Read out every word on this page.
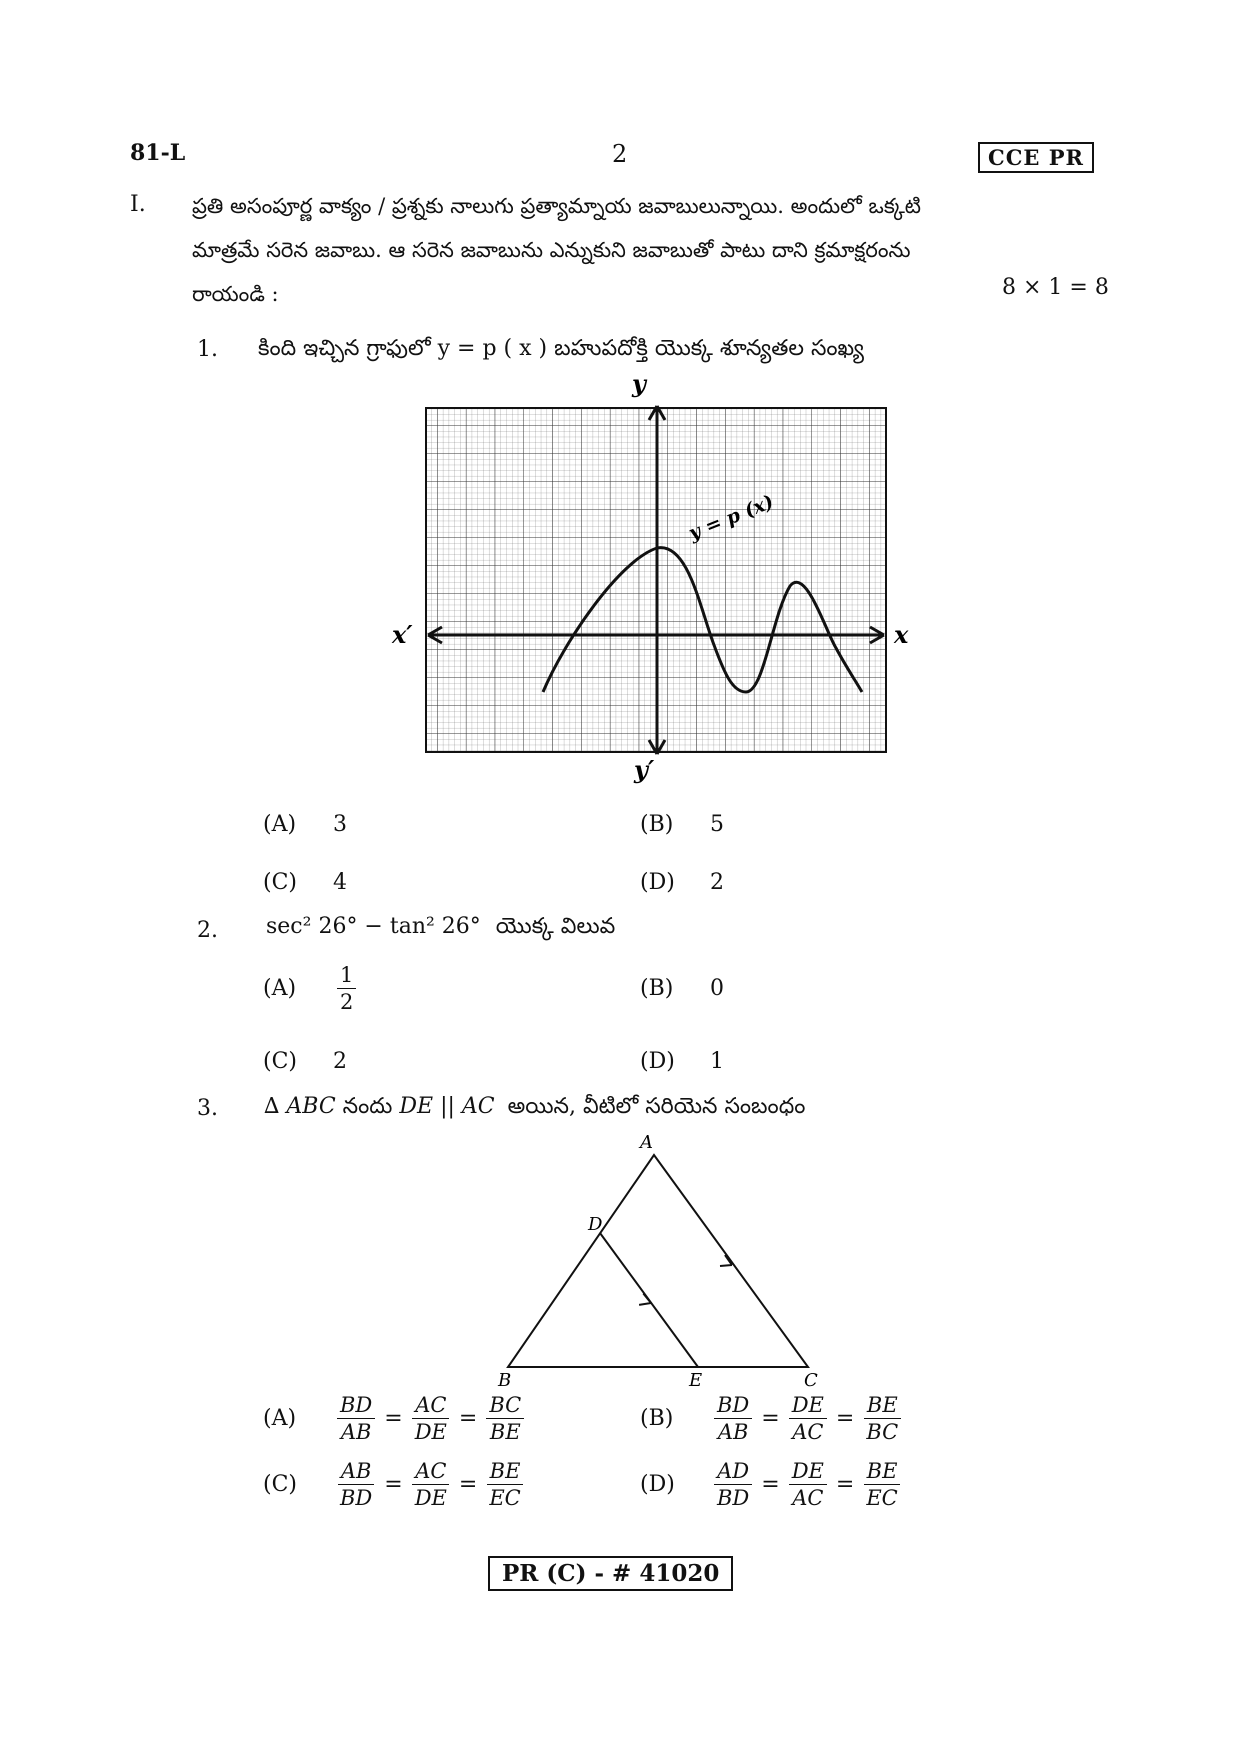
81-L	2	CCE PR
I. ప్రతి అసంపూర్ణ వాక్యం / ప్రశ్నకు నాలుగు ప్రత్యామ్నాయ జవాబులున్నాయి. అందులో ఒక్కటి
మాత్రమే సరెన జవాబు. ఆ సరెన జవాబును ఎన్నుకుని జవాబుతో పాటు దాని క్రమాక్షరంను
రాయండి :	8 × 1 = 8
1. కింది ఇచ్చిన గ్రాఫులో y = p ( x ) బహుపదోక్తి యొక్క శూన్యతల సంఖ్య
y
y′
x
x′
y = p (x)
(A) 3	(B) 5
(C) 4	(D) 2
2. sec² 26° − tan² 26° యొక్క విలువ
(A)	$\frac{1}{2}$	(B) 0
(C) 2	(D) 1
3. ∆ ABC నందు DE || AC అయిన, వీటిలో సరియెన సంబంధం
A
D
B	E	C
(A)	$\frac{BD}{AB} = \frac{AC}{DE} = \frac{BC}{BE}$	(B)	$\frac{BD}{AB} = \frac{DE}{AC} = \frac{BE}{BC}$
(C)	$\frac{AB}{BD} = \frac{AC}{DE} = \frac{BE}{EC}$	(D)	$\frac{AD}{BD} = \frac{DE}{AC} = \frac{BE}{EC}$
PR (C) - # 41020
